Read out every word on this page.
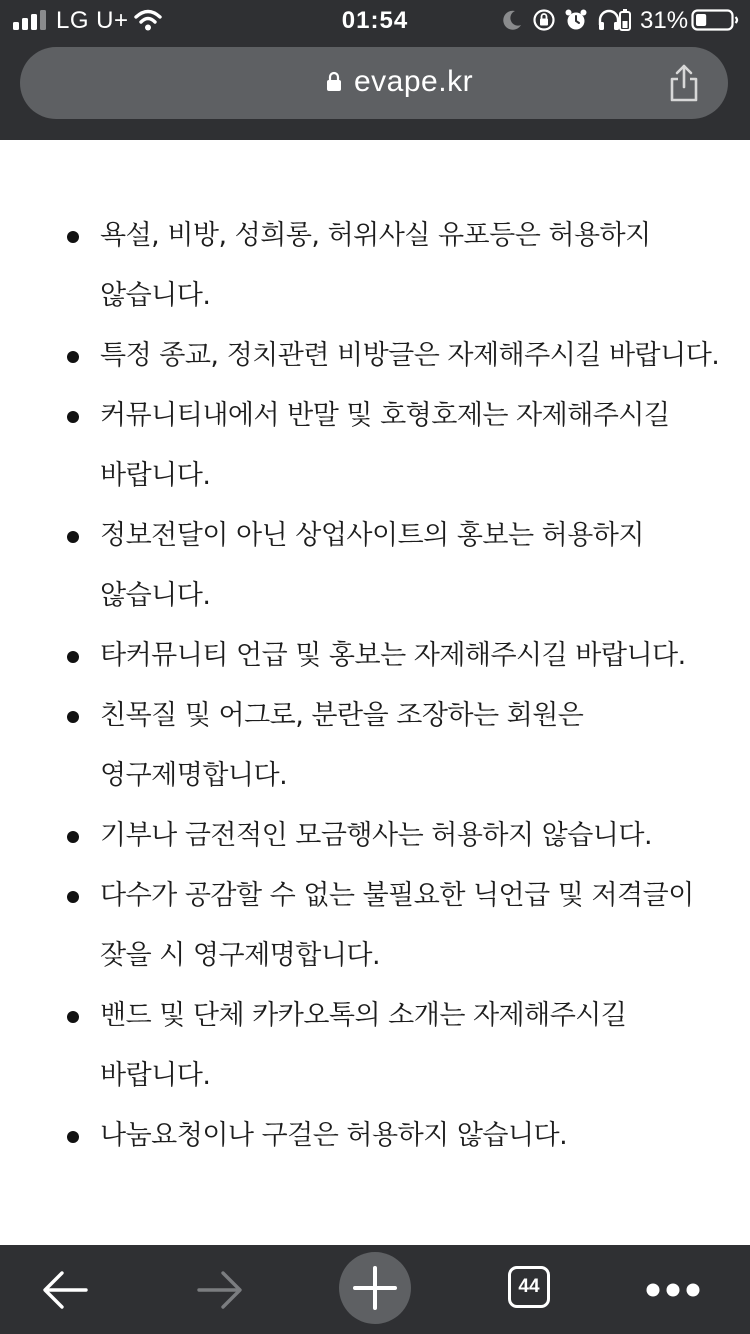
LG U+	01:54	31%
evape.kr
욕설, 비방, 성희롱, 허위사실 유포등은 허용하지 않습니다.
특정 종교, 정치관련 비방글은 자제해주시길 바랍니다.
커뮤니티내에서 반말 및 호형호제는 자제해주시길 바랍니다.
정보전달이 아닌 상업사이트의 홍보는 허용하지 않습니다.
타커뮤니티 언급 및 홍보는 자제해주시길 바랍니다.
친목질 및 어그로, 분란을 조장하는 회원은 영구제명합니다.
기부나 금전적인 모금행사는 허용하지 않습니다.
다수가 공감할 수 없는 불필요한 닉언급 및 저격글이 잦을 시 영구제명합니다.
밴드 및 단체 카카오톡의 소개는 자제해주시길 바랍니다.
나눔요청이나 구걸은 허용하지 않습니다.
44
